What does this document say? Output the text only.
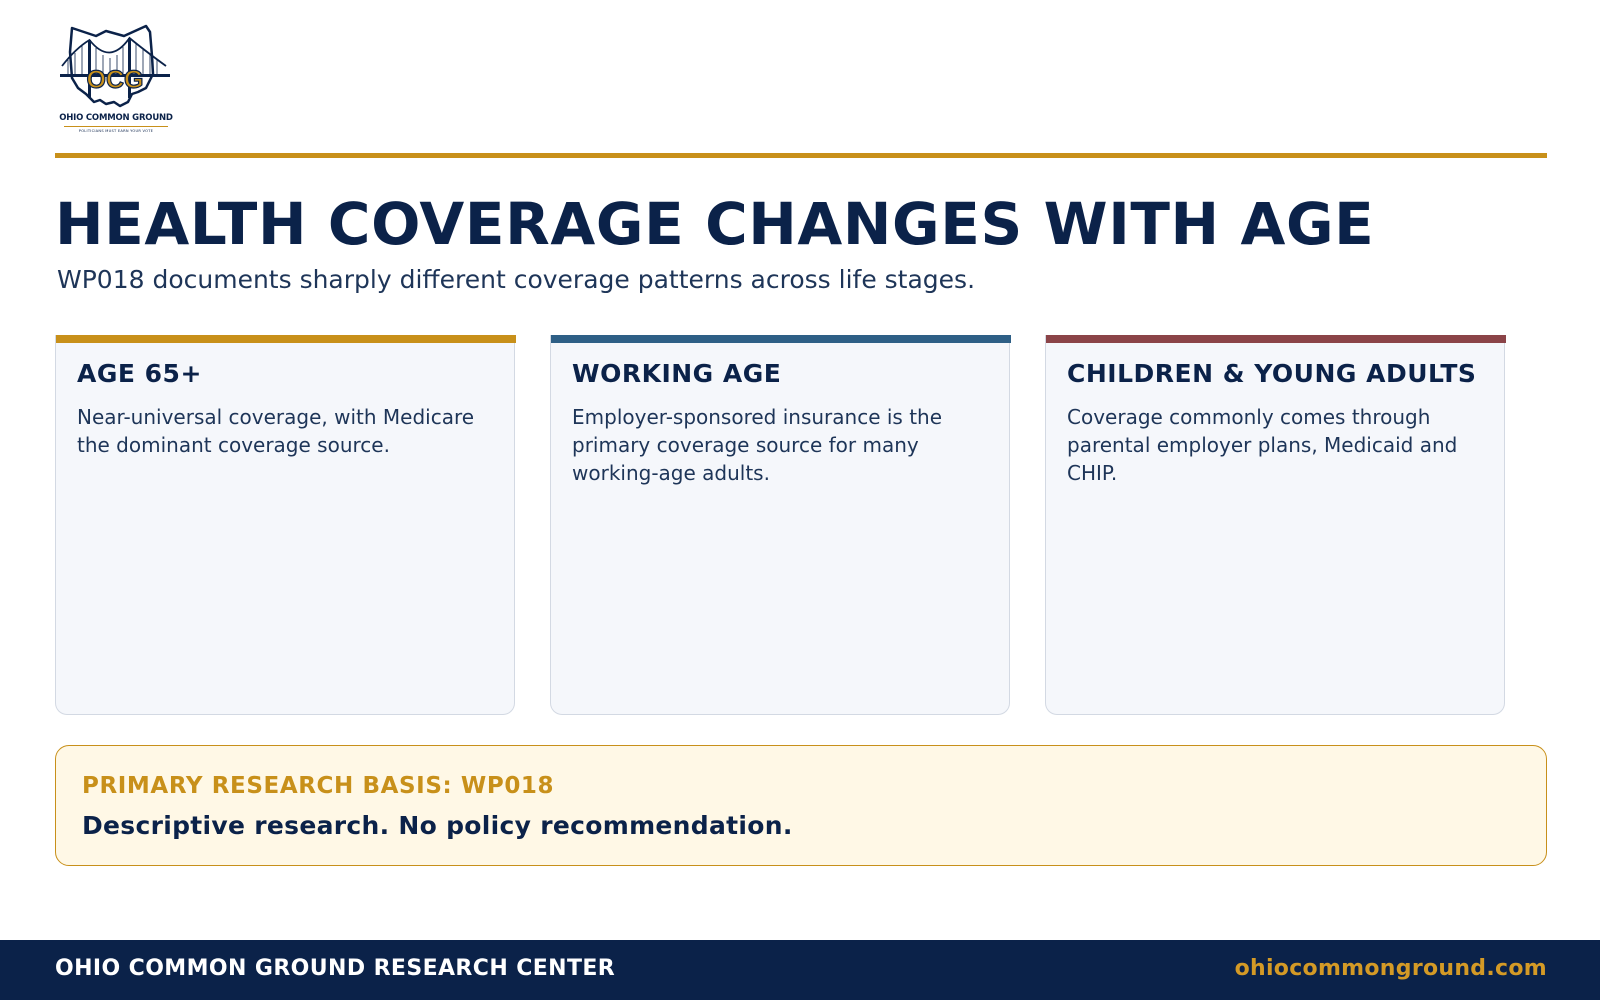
OCG
OHIO COMMON GROUND
POLITICIANS MUST EARN YOUR VOTE
HEALTH COVERAGE CHANGES WITH AGE

WP018 documents sharply different coverage patterns across life stages.

AGE 65+

Near-universal coverage, with Medicare the dominant coverage source.

WORKING AGE

Employer-sponsored insurance is the primary coverage source for many working-age adults.

CHILDREN & YOUNG ADULTS

Coverage commonly comes through parental employer plans, Medicaid and CHIP.

PRIMARY RESEARCH BASIS: WP018

Descriptive research. No policy recommendation.

OHIO COMMON GROUND RESEARCH CENTER	ohiocommonground.com
